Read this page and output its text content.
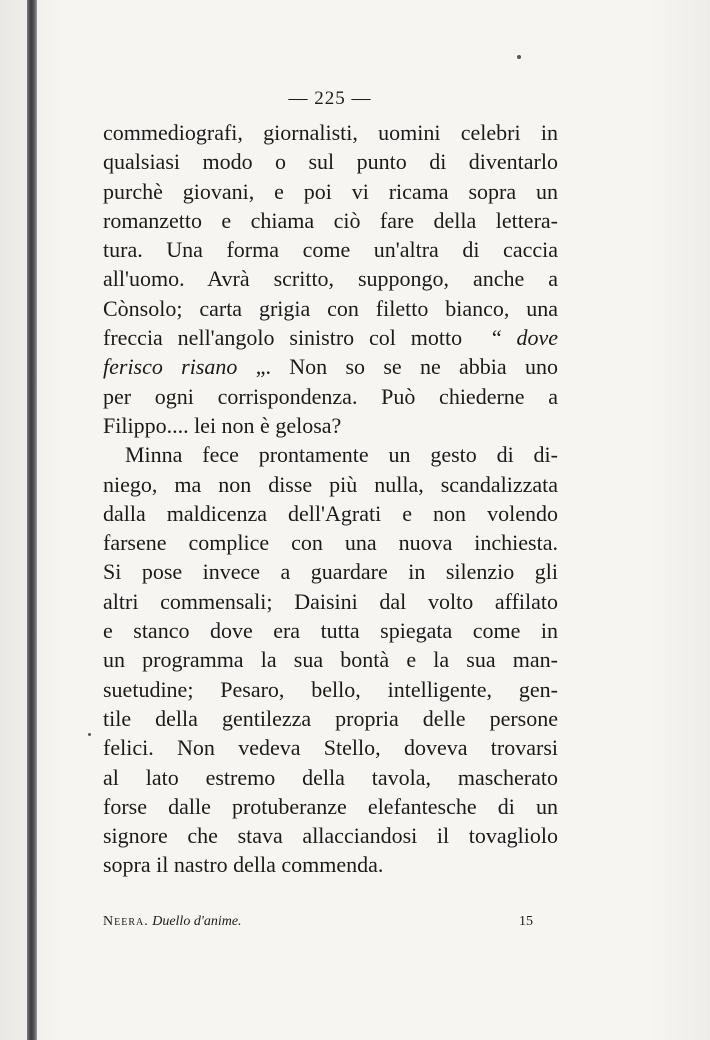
— 225 —
commediografi, giornalisti, uomini celebri in
qualsiasi modo o sul punto di diventarlo
purchè giovani, e poi vi ricama sopra un
romanzetto e chiama ciò fare della lettera-
tura. Una forma come un'altra di caccia
all'uomo. Avrà scritto, suppongo, anche a
Cònsolo; carta grigia con filetto bianco, una
freccia nell'angolo sinistro col motto “ dove
ferisco risano „. Non so se ne abbia uno
per ogni corrispondenza. Può chiederne a
Filippo.... lei non è gelosa?
Minna fece prontamente un gesto di di-
niego, ma non disse più nulla, scandalizzata
dalla maldicenza dell'Agrati e non volendo
farsene complice con una nuova inchiesta.
Si pose invece a guardare in silenzio gli
altri commensali; Daisini dal volto affilato
e stanco dove era tutta spiegata come in
un programma la sua bontà e la sua man-
suetudine; Pesaro, bello, intelligente, gen-
tile della gentilezza propria delle persone
felici. Non vedeva Stello, doveva trovarsi
al lato estremo della tavola, mascherato
forse dalle protuberanze elefantesche di un
signore che stava allacciandosi il tovagliolo
sopra il nastro della commenda.
Neera. Duello d'anime.	15
